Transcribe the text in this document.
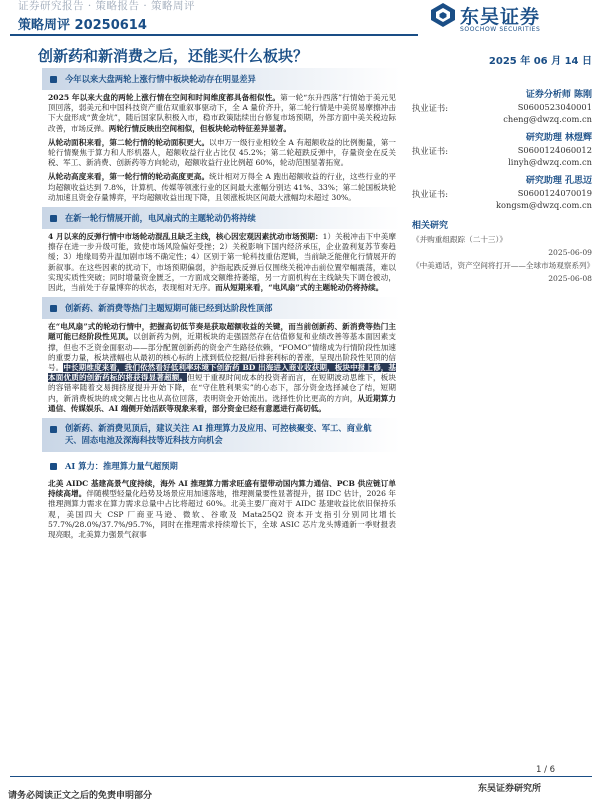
证券研究报告 · 策略报告 · 策略周评
策略周评 20250614	东吴证券
SOOCHOW SECURITIES
创新药和新消费之后，还能买什么板块？
今年以来大盘两轮上涨行情中板块轮动存在明显差异

2025 年以来大盘的两轮上涨行情在空间和时间维度都具备相似性。第一轮“东升西落”行情始于美元见顶回落，弱美元和中国科技资产重估双重叙事驱动下，全 A 量价齐升，第二轮行情是中美贸易摩擦冲击下大盘形成“黄金坑”，随后国家队积极入市，稳市政策陆续出台修复市场预期，外部方面中美关税边际改善，市场反弹。两轮行情反映出空间相似，但板块轮动特征差异显著。

从轮动面积来看，第二轮行情的轮动面积更大。以申万一级行业相较全 A 有超额收益的比例衡量，第一轮行情聚焦于算力和人形机器人，超额收益行业占比仅 45.2%；第二轮超跌反弹中，存量资金在反关税、军工、新消费、创新药等方向轮动，超额收益行业比例超 60%，轮动范围显著拓宽。

从轮动高度来看，第一轮行情的轮动高度更高。统计相对万得全 A 跑出超额收益的行业，这些行业的平均超额收益达到 7.8%，计算机、传媒等领涨行业的区间最大涨幅分别达 41%、33%；第二轮国板块轮动加速且资金存量博弈，平均超额收益出现下降，且领涨板块区间最大涨幅均未超过 30%。

在新一轮行情展开前，电风扇式的主题轮动仍将持续

4 月以来的反弹行情中市场轮动混乱且缺乏主线，核心因宏观因素扰动市场预期：1）关税冲击下中美摩擦存在进一步升级可能，致使市场风险偏好受挫；2）关税影响下国内经济承压，企业盈利复苏节奏趋缓；3）地缘局势升温加剧市场不确定性；4）区别于第一轮科技重估逻辑，当前缺乏能催化行情展开的新叙事。在这些因素的扰动下，市场预期偏弱，沪指起跌反弹后仅围绕关税冲击前位置窄幅震荡，难以实现实质性突破；同时增量资金匮乏，一方面成交额维持萎缩，另一方面机构在主线缺失下调仓被动，因此，当前处于存量博弈的状态，表现相对无序。而从短期来看，“电风扇”式的主题轮动仍将持续。

创新药、新消费等热门主题短期可能已经到达阶段性顶部

在“电风扇”式的轮动行情中，把握高切低节奏是获取超额收益的关键，而当前创新药、新消费等热门主题可能已经阶段性见顶。以创新药为例，近期板块的走强固然存在估值修复和业绩改善等基本面因素支撑，但也不乏资金面驱动——部分配置创新药的资金产生路径依赖，“FOMO”情绪成为行情阶段性加速的重要力量，板块涨幅也从最初的核心标的上涨到低位挖掘/后排套利标的普涨，呈现出阶段性见顶的信号。中长期维度来看，我们依然看好低利率环境下创新药 BD 出海进入商业收获期，板块中报上修，基本面优质的创新药标的将获得显著超额。但短于重视时间成本的投资者而言，在短期波动思维下，板块的容错率随着交易拥挤度提升开始下降，在“守住胜利果实”的心态下，部分资金选择减仓了结，短期内，新消费板块的成交额占比也从高位回落，表明资金开始流出。选择性价比更高的方向，从近期算力通信、传媒娱乐、AI 端侧开始活跃等现象来看，部分资金已经有意愿进行高切低。

创新药、新消费见顶后，建议关注 AI 推理算力及应用、可控核聚变、军工、商业航天、固态电池及深海科技等近科技方向机会
AI 算力：推理算力量气超预期

北美 AIDC 基建高景气度持续，海外 AI 推理算力需求旺盛有望带动国内算力通信、PCB 供应链订单持续高增。伴随模型轻量化趋势及场景应用加速落地，推理测量要性显著提升，据 IDC 估计，2026 年推理测算力需求在算力需求总量中占比将超过 60%。北美主要厂商对于 AIDC 基建收益比依旧保持乐观，美国四大 CSP 厂商亚马逊、微软、谷歌及 Mata25Q2 资本开支指引分别同比增长 57.7%/28.0%/37.7%/95.7%，同时在推理需求持续增长下，全球 ASIC 芯片龙头博通新一季财报表现亮眼，北美算力强景气叙事

2025 年 06 月 14 日
证券分析师 陈刚
执业证书:	S0600523040001
cheng@dwzq.com.cn
研究助理 林煜辉
执业证书:	S0600124060012
linyh@dwzq.com.cn
研究助理 孔思迈
执业证书:	S0600124070019
kongsm@dwzq.com.cn
相关研究
《并购重组跟踪（二十三）》
2025-06-09
《中美通话，资产空间将打开——全球市场观察系列》
2025-06-08
1 / 6
请务必阅读正文之后的免责申明部分
东吴证券研究所
